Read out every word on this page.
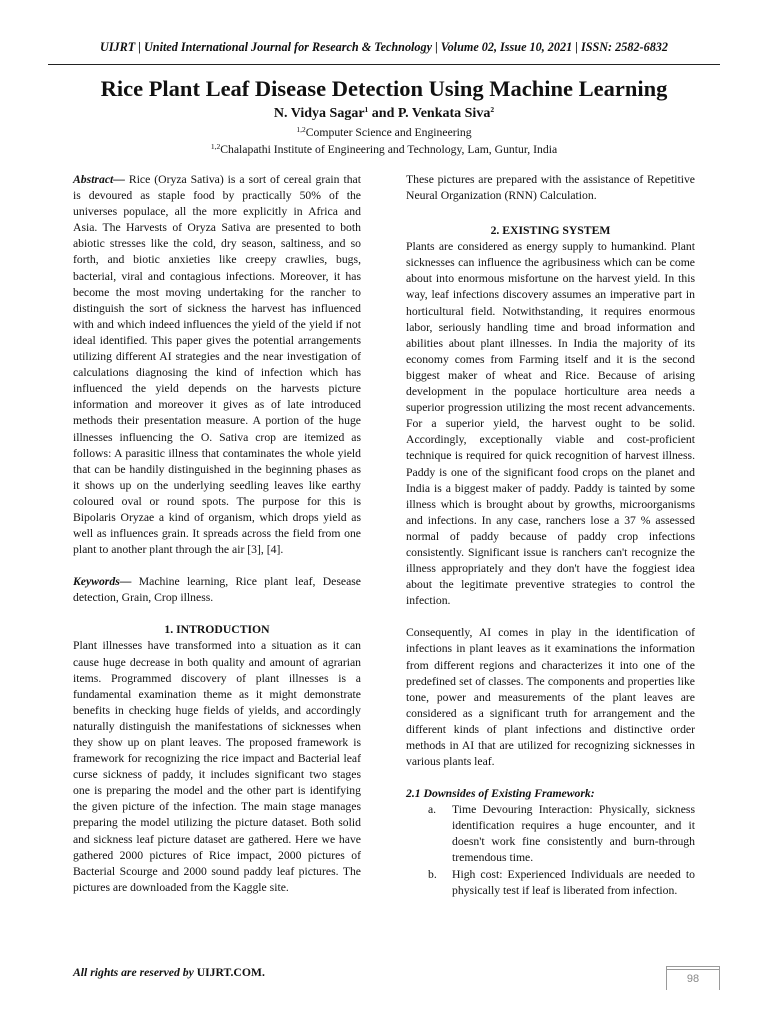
UIJRT | United International Journal for Research & Technology | Volume 02, Issue 10, 2021 | ISSN: 2582-6832
Rice Plant Leaf Disease Detection Using Machine Learning
N. Vidya Sagar$^1$ and P. Venkata Siva$^2$
$^{1,2}$Computer Science and Engineering
$^{1,2}$Chalapathi Institute of Engineering and Technology, Lam, Guntur, India

Abstract— Rice (Oryza Sativa) is a sort of cereal grain that is devoured as staple food by practically 50% of the universes populace, all the more explicitly in Africa and Asia. The Harvests of Oryza Sativa are presented to both abiotic stresses like the cold, dry season, saltiness, and so forth, and biotic anxieties like creepy crawlies, bugs, bacterial, viral and contagious infections. Moreover, it has become the most moving undertaking for the rancher to distinguish the sort of sickness the harvest has influenced with and which indeed influences the yield of the yield if not ideal identified. This paper gives the potential arrangements utilizing different AI strategies and the near investigation of calculations diagnosing the kind of infection which has influenced the yield depends on the harvests picture information and moreover it gives as of late introduced methods their presentation measure. A portion of the huge illnesses influencing the O. Sativa crop are itemized as follows: A parasitic illness that contaminates the whole yield that can be handily distinguished in the beginning phases as it shows up on the underlying seedling leaves like earthy coloured oval or round spots. The purpose for this is Bipolaris Oryzae a kind of organism, which drops yield as well as influences grain. It spreads across the field from one plant to another plant through the air [3], [4].

Keywords— Machine learning, Rice plant leaf, Desease detection, Grain, Crop illness.

1. INTRODUCTION

Plant illnesses have transformed into a situation as it can cause huge decrease in both quality and amount of agrarian items. Programmed discovery of plant illnesses is a fundamental examination theme as it might demonstrate benefits in checking huge fields of yields, and accordingly naturally distinguish the manifestations of sicknesses when they show up on plant leaves. The proposed framework is framework for recognizing the rice impact and Bacterial leaf curse sickness of paddy, it includes significant two stages one is preparing the model and the other part is identifying the given picture of the infection. The main stage manages preparing the model utilizing the picture dataset. Both solid and sickness leaf picture dataset are gathered. Here we have gathered 2000 pictures of Rice impact, 2000 pictures of Bacterial Scourge and 2000 sound paddy leaf pictures. The pictures are downloaded from the Kaggle site.

These pictures are prepared with the assistance of Repetitive Neural Organization (RNN) Calculation.

2. EXISTING SYSTEM

Plants are considered as energy supply to humankind. Plant sicknesses can influence the agribusiness which can be come about into enormous misfortune on the harvest yield. In this way, leaf infections discovery assumes an imperative part in horticultural field. Notwithstanding, it requires enormous labor, seriously handling time and broad information and abilities about plant illnesses. In India the majority of its economy comes from Farming itself and it is the second biggest maker of wheat and Rice. Because of arising development in the populace horticulture area needs a superior progression utilizing the most recent advancements. For a superior yield, the harvest ought to be solid. Accordingly, exceptionally viable and cost-proficient technique is required for quick recognition of harvest illness. Paddy is one of the significant food crops on the planet and India is a biggest maker of paddy. Paddy is tainted by some illness which is brought about by growths, microorganisms and infections. In any case, ranchers lose a 37 % assessed normal of paddy because of paddy crop infections consistently. Significant issue is ranchers can't recognize the illness appropriately and they don't have the foggiest idea about the legitimate preventive strategies to control the infection.

Consequently, AI comes in play in the identification of infections in plant leaves as it examinations the information from different regions and characterizes it into one of the predefined set of classes. The components and properties like tone, power and measurements of the plant leaves are considered as a significant truth for arrangement and the different kinds of plant infections and distinctive order methods in AI that are utilized for recognizing sicknesses in various plants leaf.

2.1 Downsides of Existing Framework:
a. Time Devouring Interaction: Physically, sickness identification requires a huge encounter, and it doesn't work fine consistently and burn-through tremendous time.
b. High cost: Experienced Individuals are needed to physically test if leaf is liberated from infection.
All rights are reserved by UIJRT.COM.	98
